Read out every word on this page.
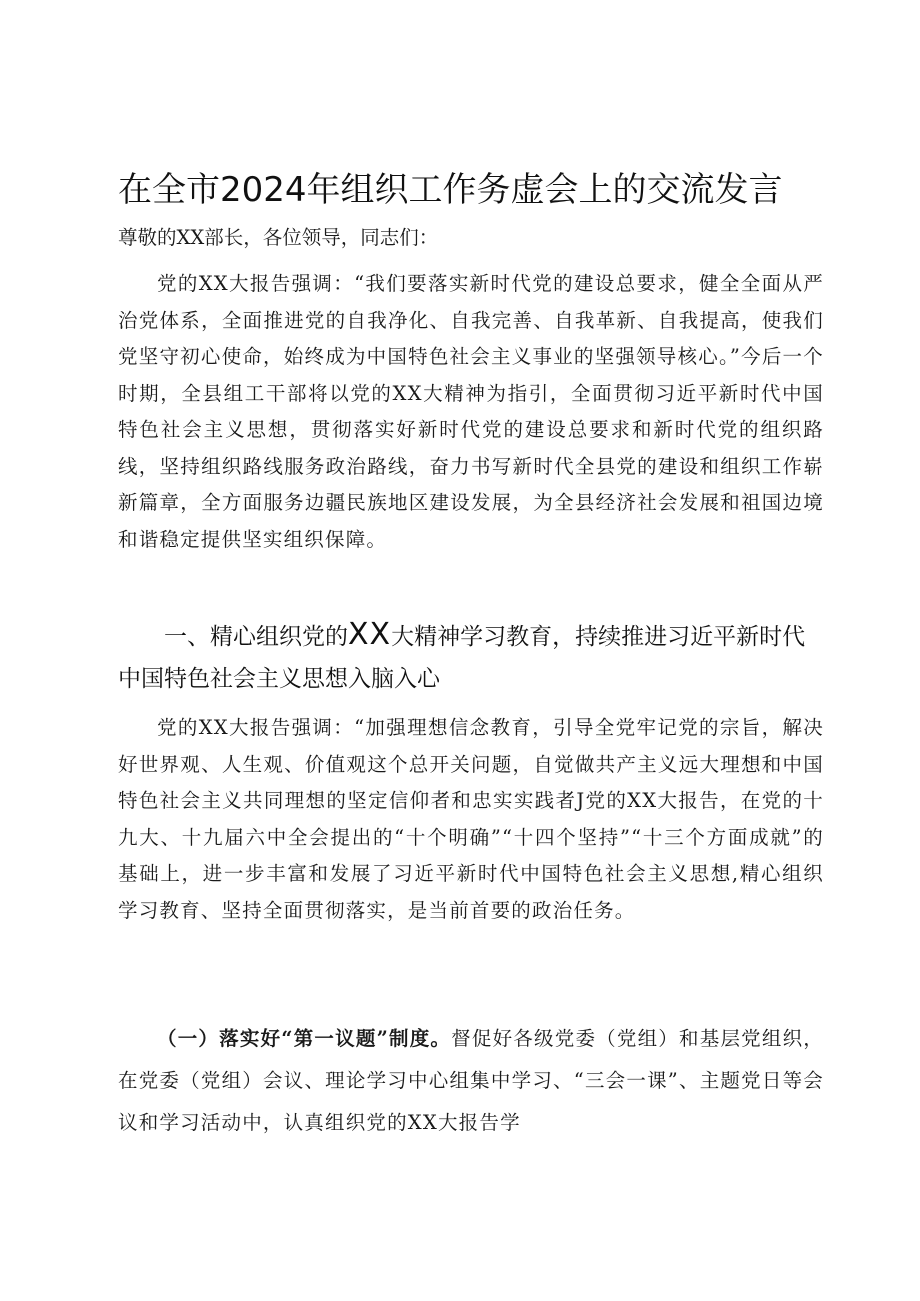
在全市2024年组织工作务虚会上的交流发言
尊敬的XX部长，各位领导，同志们：

党的XX大报告强调：“我们要落实新时代党的建设总要求，健全全面从严治党体系，全面推进党的自我净化、自我完善、自我革新、自我提高，使我们党坚守初心使命，始终成为中国特色社会主义事业的坚强领导核心。”今后一个时期，全县组工干部将以党的XX大精神为指引，全面贯彻习近平新时代中国特色社会主义思想，贯彻落实好新时代党的建设总要求和新时代党的组织路线，坚持组织路线服务政治路线，奋力书写新时代全县党的建设和组织工作崭新篇章，全方面服务边疆民族地区建设发展，为全县经济社会发展和祖国边境和谐稳定提供坚实组织保障。

一、精心组织党的XX大精神学习教育，持续推进习近平新时代中国特色社会主义思想入脑入心

党的XX大报告强调：“加强理想信念教育，引导全党牢记党的宗旨，解决好世界观、人生观、价值观这个总开关问题，自觉做共产主义远大理想和中国特色社会主义共同理想的坚定信仰者和忠实实践者J党的XX大报告，在党的十九大、十九届六中全会提出的“十个明确”“十四个坚持”“十三个方面成就”的基础上，进一步丰富和发展了习近平新时代中国特色社会主义思想,精心组织学习教育、坚持全面贯彻落实，是当前首要的政治任务。

（一）落实好“第一议题”制度。督促好各级党委（党组）和基层党组织，在党委（党组）会议、理论学习中心组集中学习、“三会一课”、主题党日等会议和学习活动中，认真组织党的XX大报告学
